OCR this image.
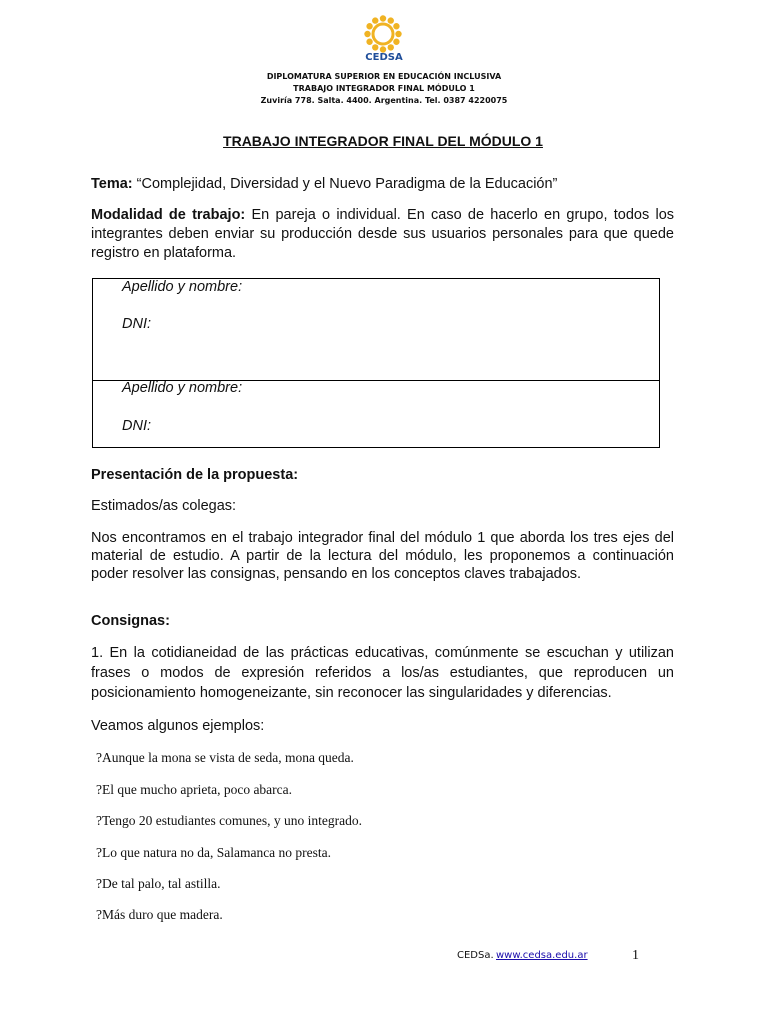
CEDSA
DIPLOMATURA SUPERIOR EN EDUCACIÓN INCLUSIVA
TRABAJO INTEGRADOR FINAL MÓDULO 1
Zuviría 778. Salta. 4400. Argentina. Tel. 0387 4220075
TRABAJO INTEGRADOR FINAL DEL MÓDULO 1
Tema: “Complejidad, Diversidad y el Nuevo Paradigma de la Educación”
Modalidad de trabajo: En pareja o individual. En caso de hacerlo en grupo, todos los integrantes deben enviar su producción desde sus usuarios personales para que quede registro en plataforma.
Apellido y nombre:
DNI:
Apellido y nombre:
DNI:
Presentación de la propuesta:
Estimados/as colegas:
Nos encontramos en el trabajo integrador final del módulo 1 que aborda los tres ejes del material de estudio. A partir de la lectura del módulo, les proponemos a continuación poder resolver las consignas, pensando en los conceptos claves trabajados.
Consignas:
1. En la cotidianeidad de las prácticas educativas, comúnmente se escuchan y utilizan frases o modos de expresión referidos a los/as estudiantes, que reproducen un posicionamiento homogeneizante, sin reconocer las singularidades y diferencias.
Veamos algunos ejemplos:
?Aunque la mona se vista de seda, mona queda.
?El que mucho aprieta, poco abarca.
?Tengo 20 estudiantes comunes, y uno integrado.
?Lo que natura no da, Salamanca no presta.
?De tal palo, tal astilla.
?Más duro que madera.
CEDSa. www.cedsa.edu.ar	1
